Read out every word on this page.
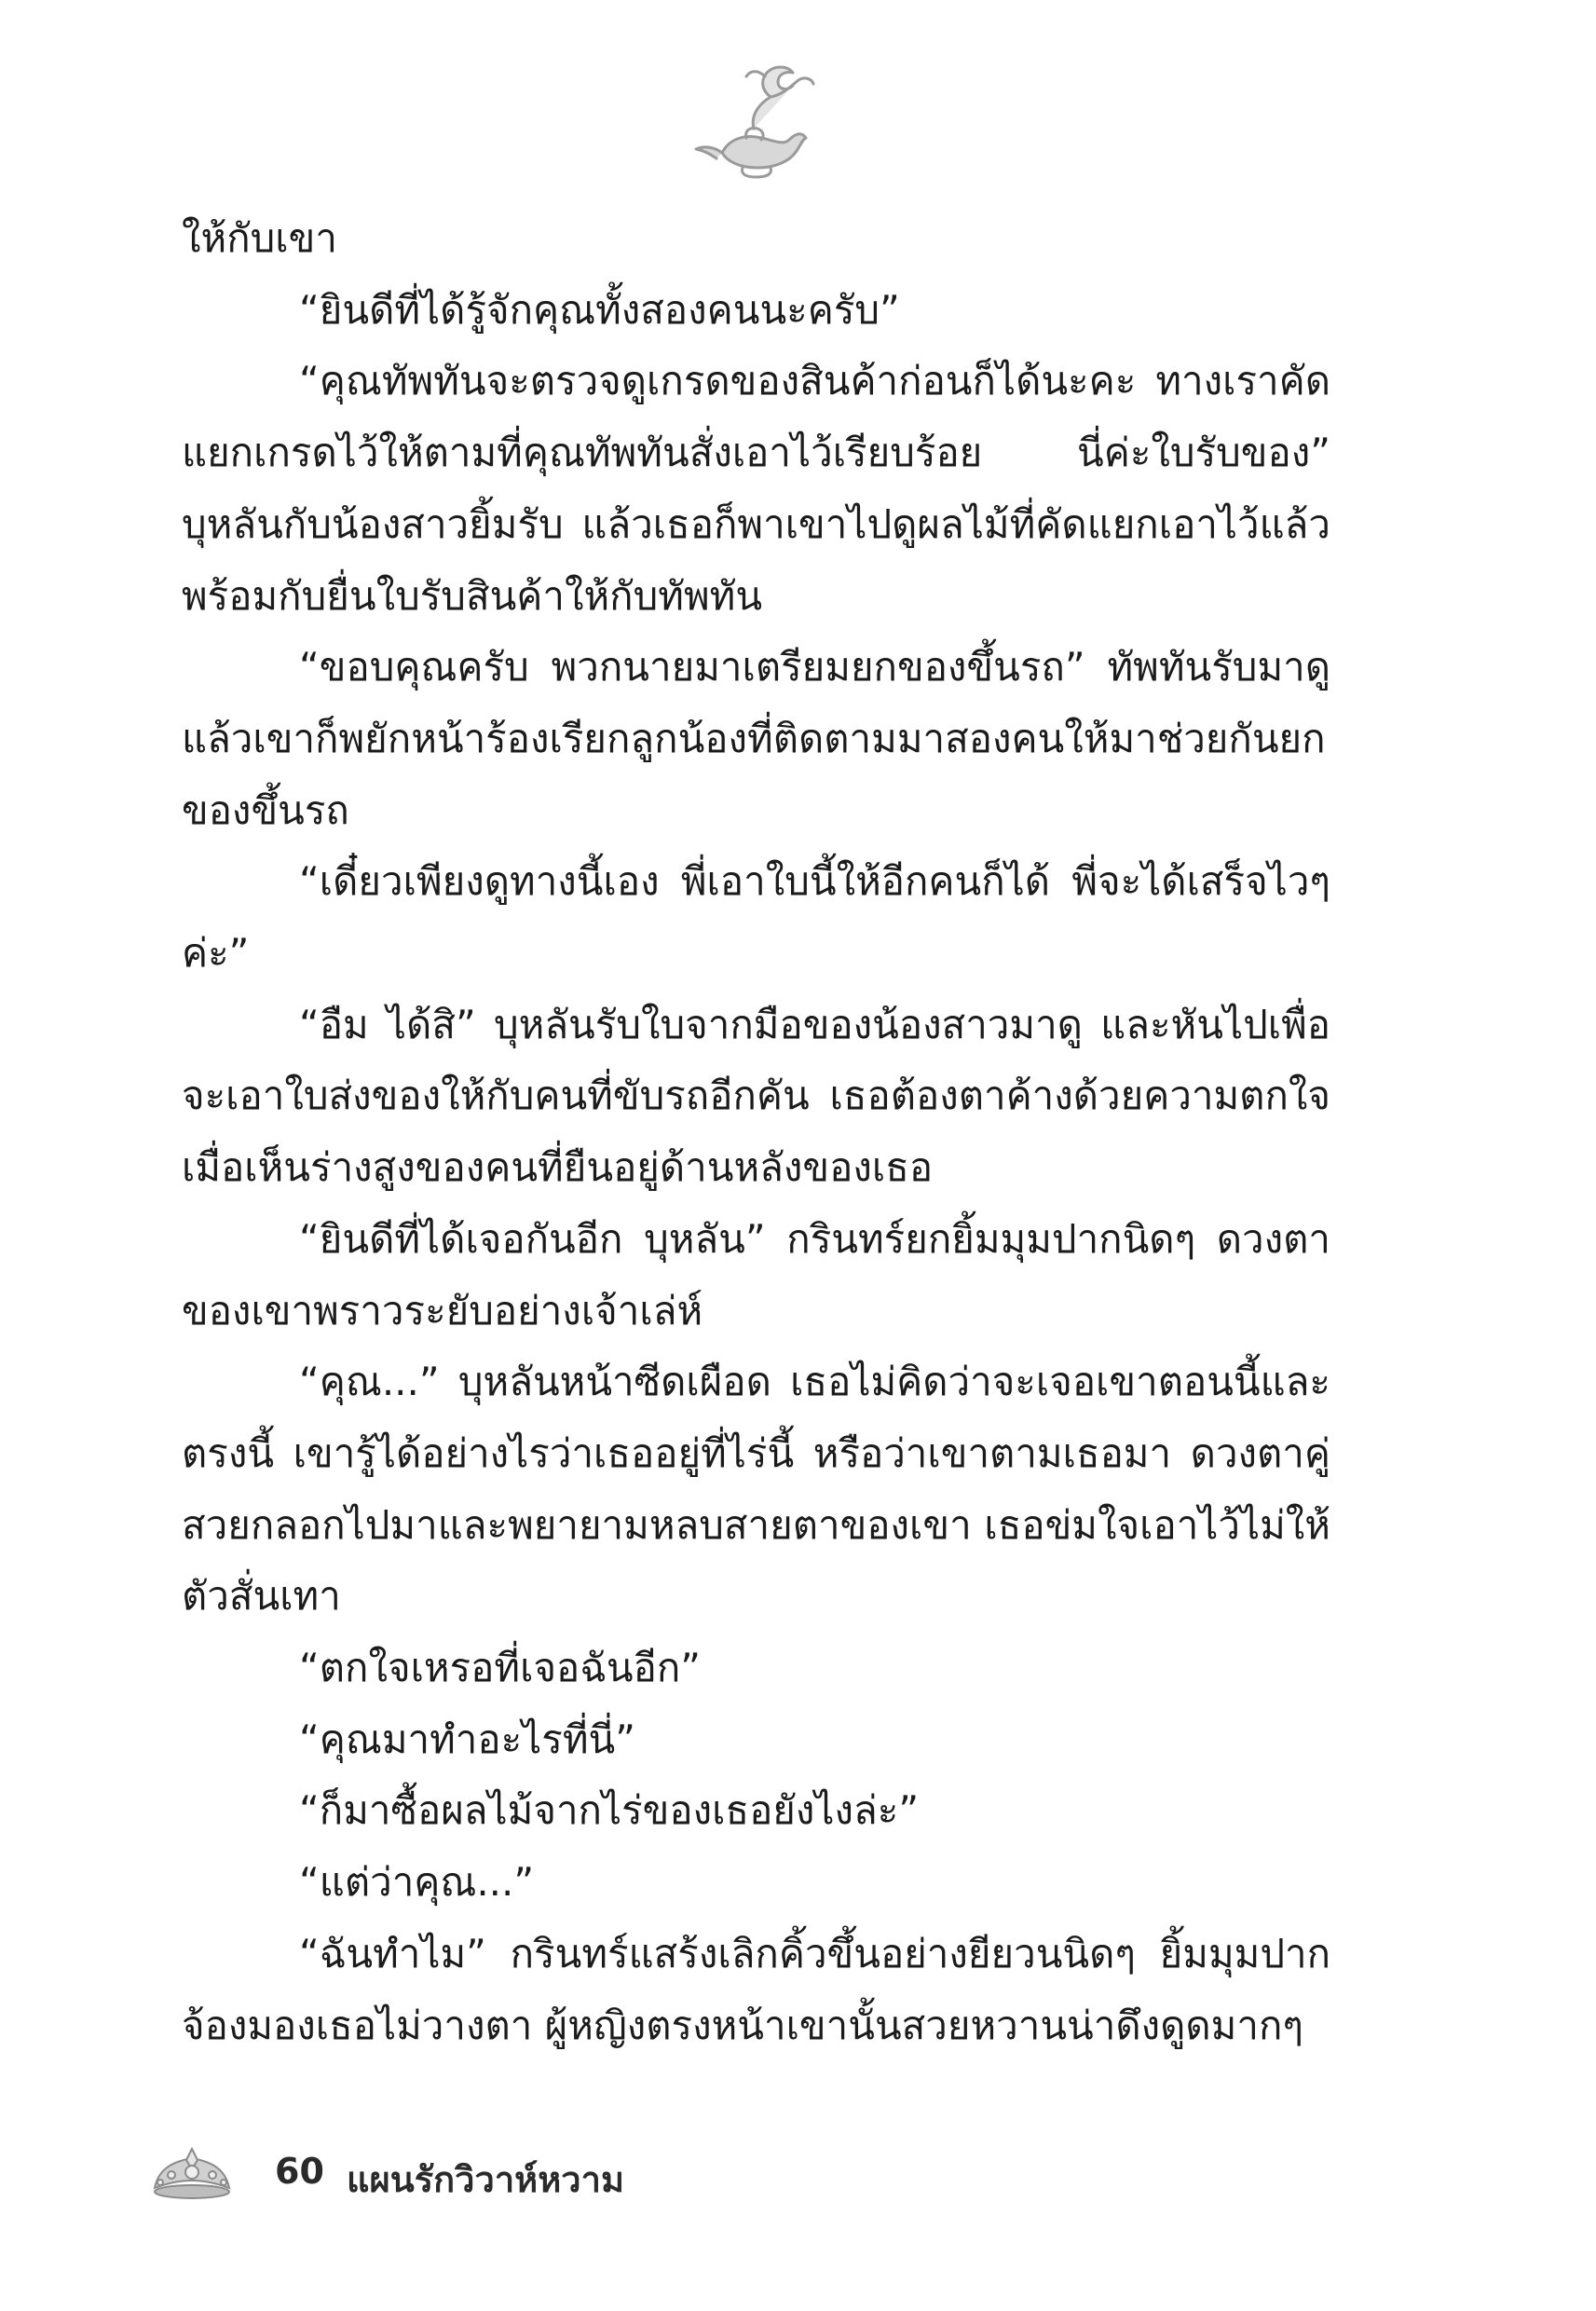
ให้กับเขา

“ยินดีที่ได้รู้จักคุณทั้งสองคนนะครับ”

“คุณทัพทันจะตรวจดูเกรดของสินค้าก่อนก็ได้นะคะ ทางเราคัดแยกเกรดไว้ให้ตามที่คุณทัพทันสั่งเอาไว้เรียบร้อย นี่ค่ะใบรับของ” บุหลันกับน้องสาวยิ้มรับ แล้วเธอก็พาเขาไปดูผลไม้ที่คัดแยกเอาไว้แล้ว พร้อมกับยื่นใบรับสินค้าให้กับทัพทัน

“ขอบคุณครับ พวกนายมาเตรียมยกของขึ้นรถ” ทัพทันรับมาดู แล้วเขาก็พยักหน้าร้องเรียกลูกน้องที่ติดตามมาสองคนให้มาช่วยกันยกของขึ้นรถ

“เดี๋ยวเพียงดูทางนี้เอง พี่เอาใบนี้ให้อีกคนก็ได้ พี่จะได้เสร็จไวๆ ค่ะ”

“อืม ได้สิ” บุหลันรับใบจากมือของน้องสาวมาดู และหันไปเพื่อจะเอาใบส่งของให้กับคนที่ขับรถอีกคัน เธอต้องตาค้างด้วยความตกใจเมื่อเห็นร่างสูงของคนที่ยืนอยู่ด้านหลังของเธอ

“ยินดีที่ได้เจอกันอีก บุหลัน” กรินทร์ยกยิ้มมุมปากนิดๆ ดวงตาของเขาพราวระยับอย่างเจ้าเล่ห์

“คุณ...” บุหลันหน้าซีดเผือด เธอไม่คิดว่าจะเจอเขาตอนนี้และตรงนี้ เขารู้ได้อย่างไรว่าเธออยู่ที่ไร่นี้ หรือว่าเขาตามเธอมา ดวงตาคู่สวยกลอกไปมาและพยายามหลบสายตาของเขา เธอข่มใจเอาไว้ไม่ให้ตัวสั่นเทา

“ตกใจเหรอที่เจอฉันอีก”

“คุณมาทำอะไรที่นี่”

“ก็มาซื้อผลไม้จากไร่ของเธอยังไงล่ะ”

“แต่ว่าคุณ...”

“ฉันทำไม” กรินทร์แสร้งเลิกคิ้วขึ้นอย่างยียวนนิดๆ ยิ้มมุมปากจ้องมองเธอไม่วางตา ผู้หญิงตรงหน้าเขานั้นสวยหวานน่าดึงดูดมากๆ

60 แผนรักวิวาห์หวาม
